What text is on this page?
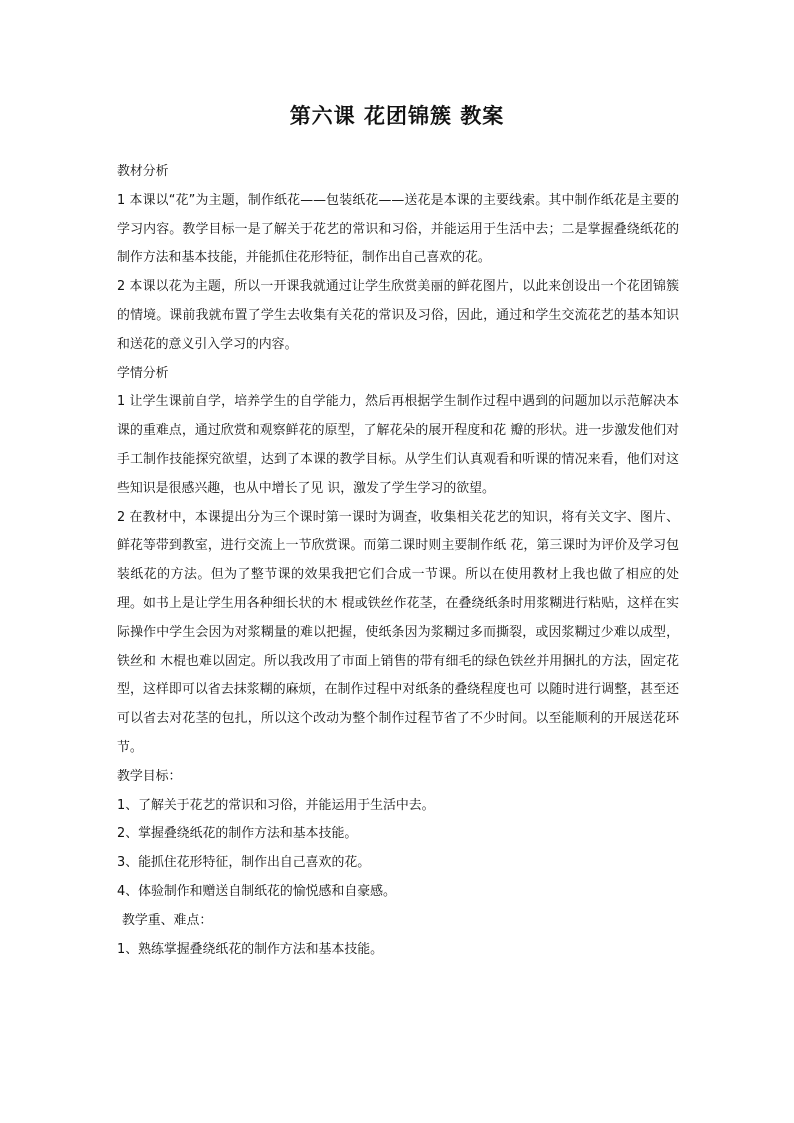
第六课 花团锦簇 教案

教材分析

1 本课以“花”为主题，制作纸花——包装纸花——送花是本课的主要线索。其中制作纸花是主要的学习内容。教学目标一是了解关于花艺的常识和习俗，并能运用于生活中去；二是掌握叠绕纸花的制作方法和基本技能，并能抓住花形特征，制作出自己喜欢的花。

2 本课以花为主题，所以一开课我就通过让学生欣赏美丽的鲜花图片，以此来创设出一个花团锦簇的情境。课前我就布置了学生去收集有关花的常识及习俗，因此，通过和学生交流花艺的基本知识和送花的意义引入学习的内容。

学情分析

1 让学生课前自学，培养学生的自学能力，然后再根据学生制作过程中遇到的问题加以示范解决本课的重难点，通过欣赏和观察鲜花的原型，了解花朵的展开程度和花 瓣的形状。进一步激发他们对手工制作技能探究欲望，达到了本课的教学目标。从学生们认真观看和听课的情况来看，他们对这些知识是很感兴趣，也从中增长了见 识，激发了学生学习的欲望。

2 在教材中，本课提出分为三个课时第一课时为调查，收集相关花艺的知识，将有关文字、图片、鲜花等带到教室，进行交流上一节欣赏课。而第二课时则主要制作纸 花，第三课时为评价及学习包装纸花的方法。但为了整节课的效果我把它们合成一节课。所以在使用教材上我也做了相应的处理。如书上是让学生用各种细长状的木 棍或铁丝作花茎，在叠绕纸条时用浆糊进行粘贴，这样在实际操作中学生会因为对浆糊量的难以把握，使纸条因为浆糊过多而撕裂，或因浆糊过少难以成型，铁丝和 木棍也难以固定。所以我改用了市面上销售的带有细毛的绿色铁丝并用捆扎的方法，固定花型，这样即可以省去抹浆糊的麻烦，在制作过程中对纸条的叠绕程度也可 以随时进行调整，甚至还可以省去对花茎的包扎，所以这个改动为整个制作过程节省了不少时间。以至能顺利的开展送花环节。

教学目标：

1、了解关于花艺的常识和习俗，并能运用于生活中去。

2、掌握叠绕纸花的制作方法和基本技能。

3、能抓住花形特征，制作出自己喜欢的花。

4、体验制作和赠送自制纸花的愉悦感和自豪感。

教学重、难点：

1、熟练掌握叠绕纸花的制作方法和基本技能。
